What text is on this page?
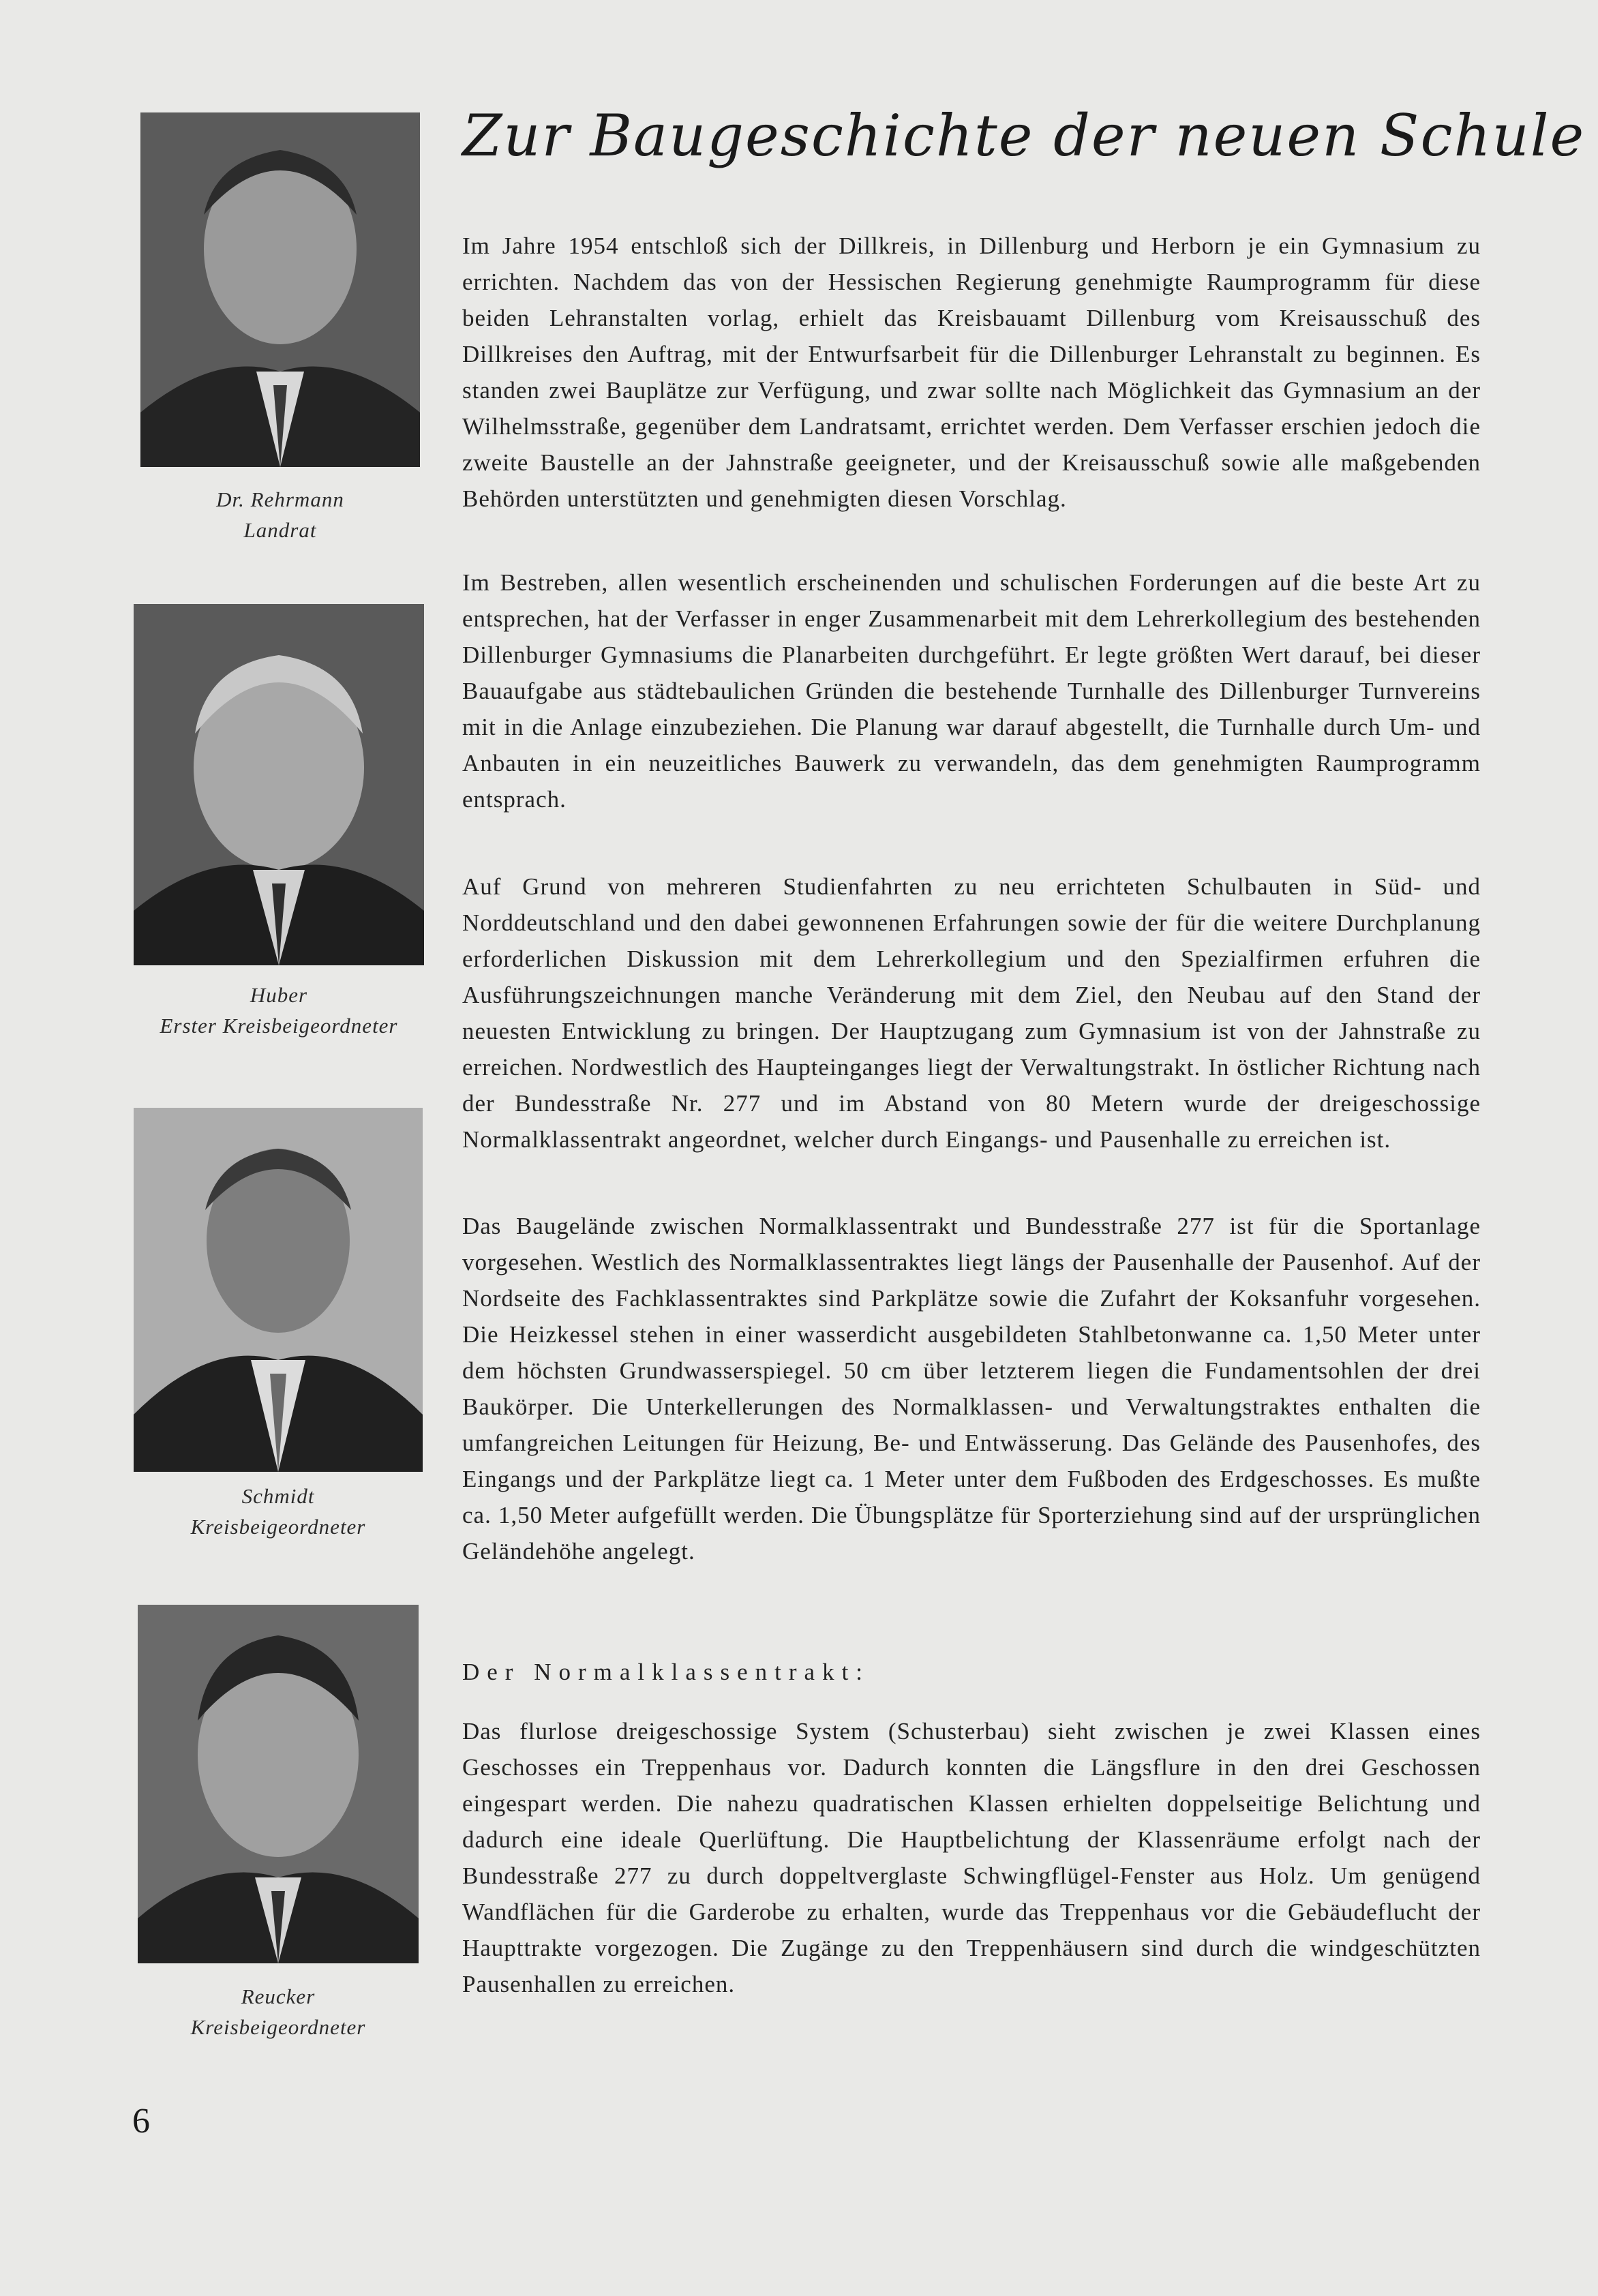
Dr. Rehrmann
Landrat
Huber
Erster Kreisbeigeordneter
Schmidt
Kreisbeigeordneter
Reucker
Kreisbeigeordneter
Zur Baugeschichte der neuen Schule
Im Jahre 1954 entschloß sich der Dillkreis, in Dillenburg und Herborn je ein Gymnasium zu errichten. Nachdem das von der Hessischen Regierung genehmigte Raumprogramm für diese beiden Lehranstalten vorlag, erhielt das Kreisbauamt Dillenburg vom Kreisausschuß des Dillkreises den Auftrag, mit der Entwurfsarbeit für die Dillenburger Lehranstalt zu beginnen. Es standen zwei Bauplätze zur Verfügung, und zwar sollte nach Möglichkeit das Gymnasium an der Wilhelmsstraße, gegenüber dem Landratsamt, errichtet werden. Dem Verfasser erschien jedoch die zweite Baustelle an der Jahnstraße geeigneter, und der Kreisausschuß sowie alle maßgebenden Behörden unterstützten und genehmigten diesen Vorschlag.
Im Bestreben, allen wesentlich erscheinenden und schulischen Forderungen auf die beste Art zu entsprechen, hat der Verfasser in enger Zusammenarbeit mit dem Lehrerkollegium des bestehenden Dillenburger Gymnasiums die Planarbeiten durchgeführt. Er legte größten Wert darauf, bei dieser Bauaufgabe aus städtebaulichen Gründen die bestehende Turnhalle des Dillenburger Turnvereins mit in die Anlage einzubeziehen. Die Planung war darauf abgestellt, die Turnhalle durch Um- und Anbauten in ein neuzeitliches Bauwerk zu verwandeln, das dem genehmigten Raumprogramm entsprach.
Auf Grund von mehreren Studienfahrten zu neu errichteten Schulbauten in Süd- und Norddeutschland und den dabei gewonnenen Erfahrungen sowie der für die weitere Durchplanung erforderlichen Diskussion mit dem Lehrerkollegium und den Spezialfirmen erfuhren die Ausführungszeichnungen manche Veränderung mit dem Ziel, den Neubau auf den Stand der neuesten Entwicklung zu bringen. Der Hauptzugang zum Gymnasium ist von der Jahnstraße zu erreichen. Nordwestlich des Haupteinganges liegt der Verwaltungstrakt. In östlicher Richtung nach der Bundesstraße Nr. 277 und im Abstand von 80 Metern wurde der dreigeschossige Normalklassentrakt angeordnet, welcher durch Eingangs- und Pausenhalle zu erreichen ist.
Das Baugelände zwischen Normalklassentrakt und Bundesstraße 277 ist für die Sportanlage vorgesehen. Westlich des Normalklassentraktes liegt längs der Pausenhalle der Pausenhof. Auf der Nordseite des Fachklassentraktes sind Parkplätze sowie die Zufahrt der Koksanfuhr vorgesehen. Die Heizkessel stehen in einer wasserdicht ausgebildeten Stahlbetonwanne ca. 1,50 Meter unter dem höchsten Grundwasserspiegel. 50 cm über letzterem liegen die Fundamentsohlen der drei Baukörper. Die Unterkellerungen des Normalklassen- und Verwaltungstraktes enthalten die umfangreichen Leitungen für Heizung, Be- und Entwässerung. Das Gelände des Pausenhofes, des Eingangs und der Parkplätze liegt ca. 1 Meter unter dem Fußboden des Erdgeschosses. Es mußte ca. 1,50 Meter aufgefüllt werden. Die Übungsplätze für Sporterziehung sind auf der ursprünglichen Geländehöhe angelegt.
Der Normalklassentrakt:
Das flurlose dreigeschossige System (Schusterbau) sieht zwischen je zwei Klassen eines Geschosses ein Treppenhaus vor. Dadurch konnten die Längsflure in den drei Geschossen eingespart werden. Die nahezu quadratischen Klassen erhielten doppelseitige Belichtung und dadurch eine ideale Querlüftung. Die Hauptbelichtung der Klassenräume erfolgt nach der Bundesstraße 277 zu durch doppeltverglaste Schwingflügel-Fenster aus Holz. Um genügend Wandflächen für die Garderobe zu erhalten, wurde das Treppenhaus vor die Gebäudeflucht der Haupttrakte vorgezogen. Die Zugänge zu den Treppenhäusern sind durch die windgeschützten Pausenhallen zu erreichen.
6
